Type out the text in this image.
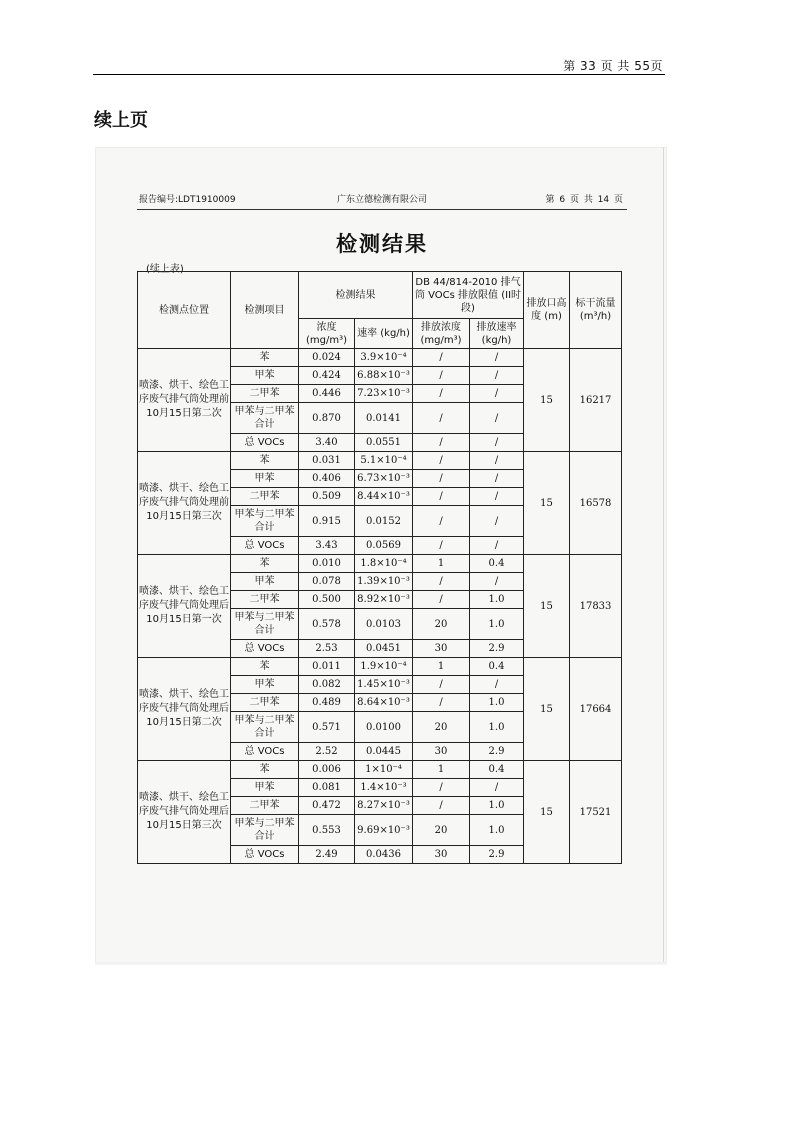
第 33 页 共 55页
续上页
报告编号:LDT1910009	广东立德检测有限公司	第 6 页 共 14 页
检测结果
(续上表)
检测点位置	检测项目	检测结果		DB 44/814-2010 排气筒 VOCs 排放限值 (II时段)		排放口高度 (m)	标干流量 (m³/h)
		浓度 (mg/m³)	速率 (kg/h)	排放浓度 (mg/m³)	排放速率 (kg/h)		
喷漆、烘干、绘色工序废气排气筒处理前10月15日第二次	苯	0.024	3.9×10⁻⁴	/	/	15	16217
	甲苯	0.424	6.88×10⁻³	/	/		
	二甲苯	0.446	7.23×10⁻³	/	/		
	甲苯与二甲苯合计	0.870	0.0141	/	/		
	总 VOCs	3.40	0.0551	/	/		
喷漆、烘干、绘色工序废气排气筒处理前10月15日第三次	苯	0.031	5.1×10⁻⁴	/	/	15	16578
	甲苯	0.406	6.73×10⁻³	/	/		
	二甲苯	0.509	8.44×10⁻³	/	/		
	甲苯与二甲苯合计	0.915	0.0152	/	/		
	总 VOCs	3.43	0.0569	/	/		
喷漆、烘干、绘色工序废气排气筒处理后10月15日第一次	苯	0.010	1.8×10⁻⁴	1	0.4	15	17833
	甲苯	0.078	1.39×10⁻³	/	/		
	二甲苯	0.500	8.92×10⁻³	/	1.0		
	甲苯与二甲苯合计	0.578	0.0103	20	1.0		
	总 VOCs	2.53	0.0451	30	2.9		
喷漆、烘干、绘色工序废气排气筒处理后10月15日第二次	苯	0.011	1.9×10⁻⁴	1	0.4	15	17664
	甲苯	0.082	1.45×10⁻³	/	/		
	二甲苯	0.489	8.64×10⁻³	/	1.0		
	甲苯与二甲苯合计	0.571	0.0100	20	1.0		
	总 VOCs	2.52	0.0445	30	2.9		
喷漆、烘干、绘色工序废气排气筒处理后10月15日第三次	苯	0.006	1×10⁻⁴	1	0.4	15	17521
	甲苯	0.081	1.4×10⁻³	/	/		
	二甲苯	0.472	8.27×10⁻³	/	1.0		
	甲苯与二甲苯合计	0.553	9.69×10⁻³	20	1.0		
	总 VOCs	2.49	0.0436	30	2.9		
